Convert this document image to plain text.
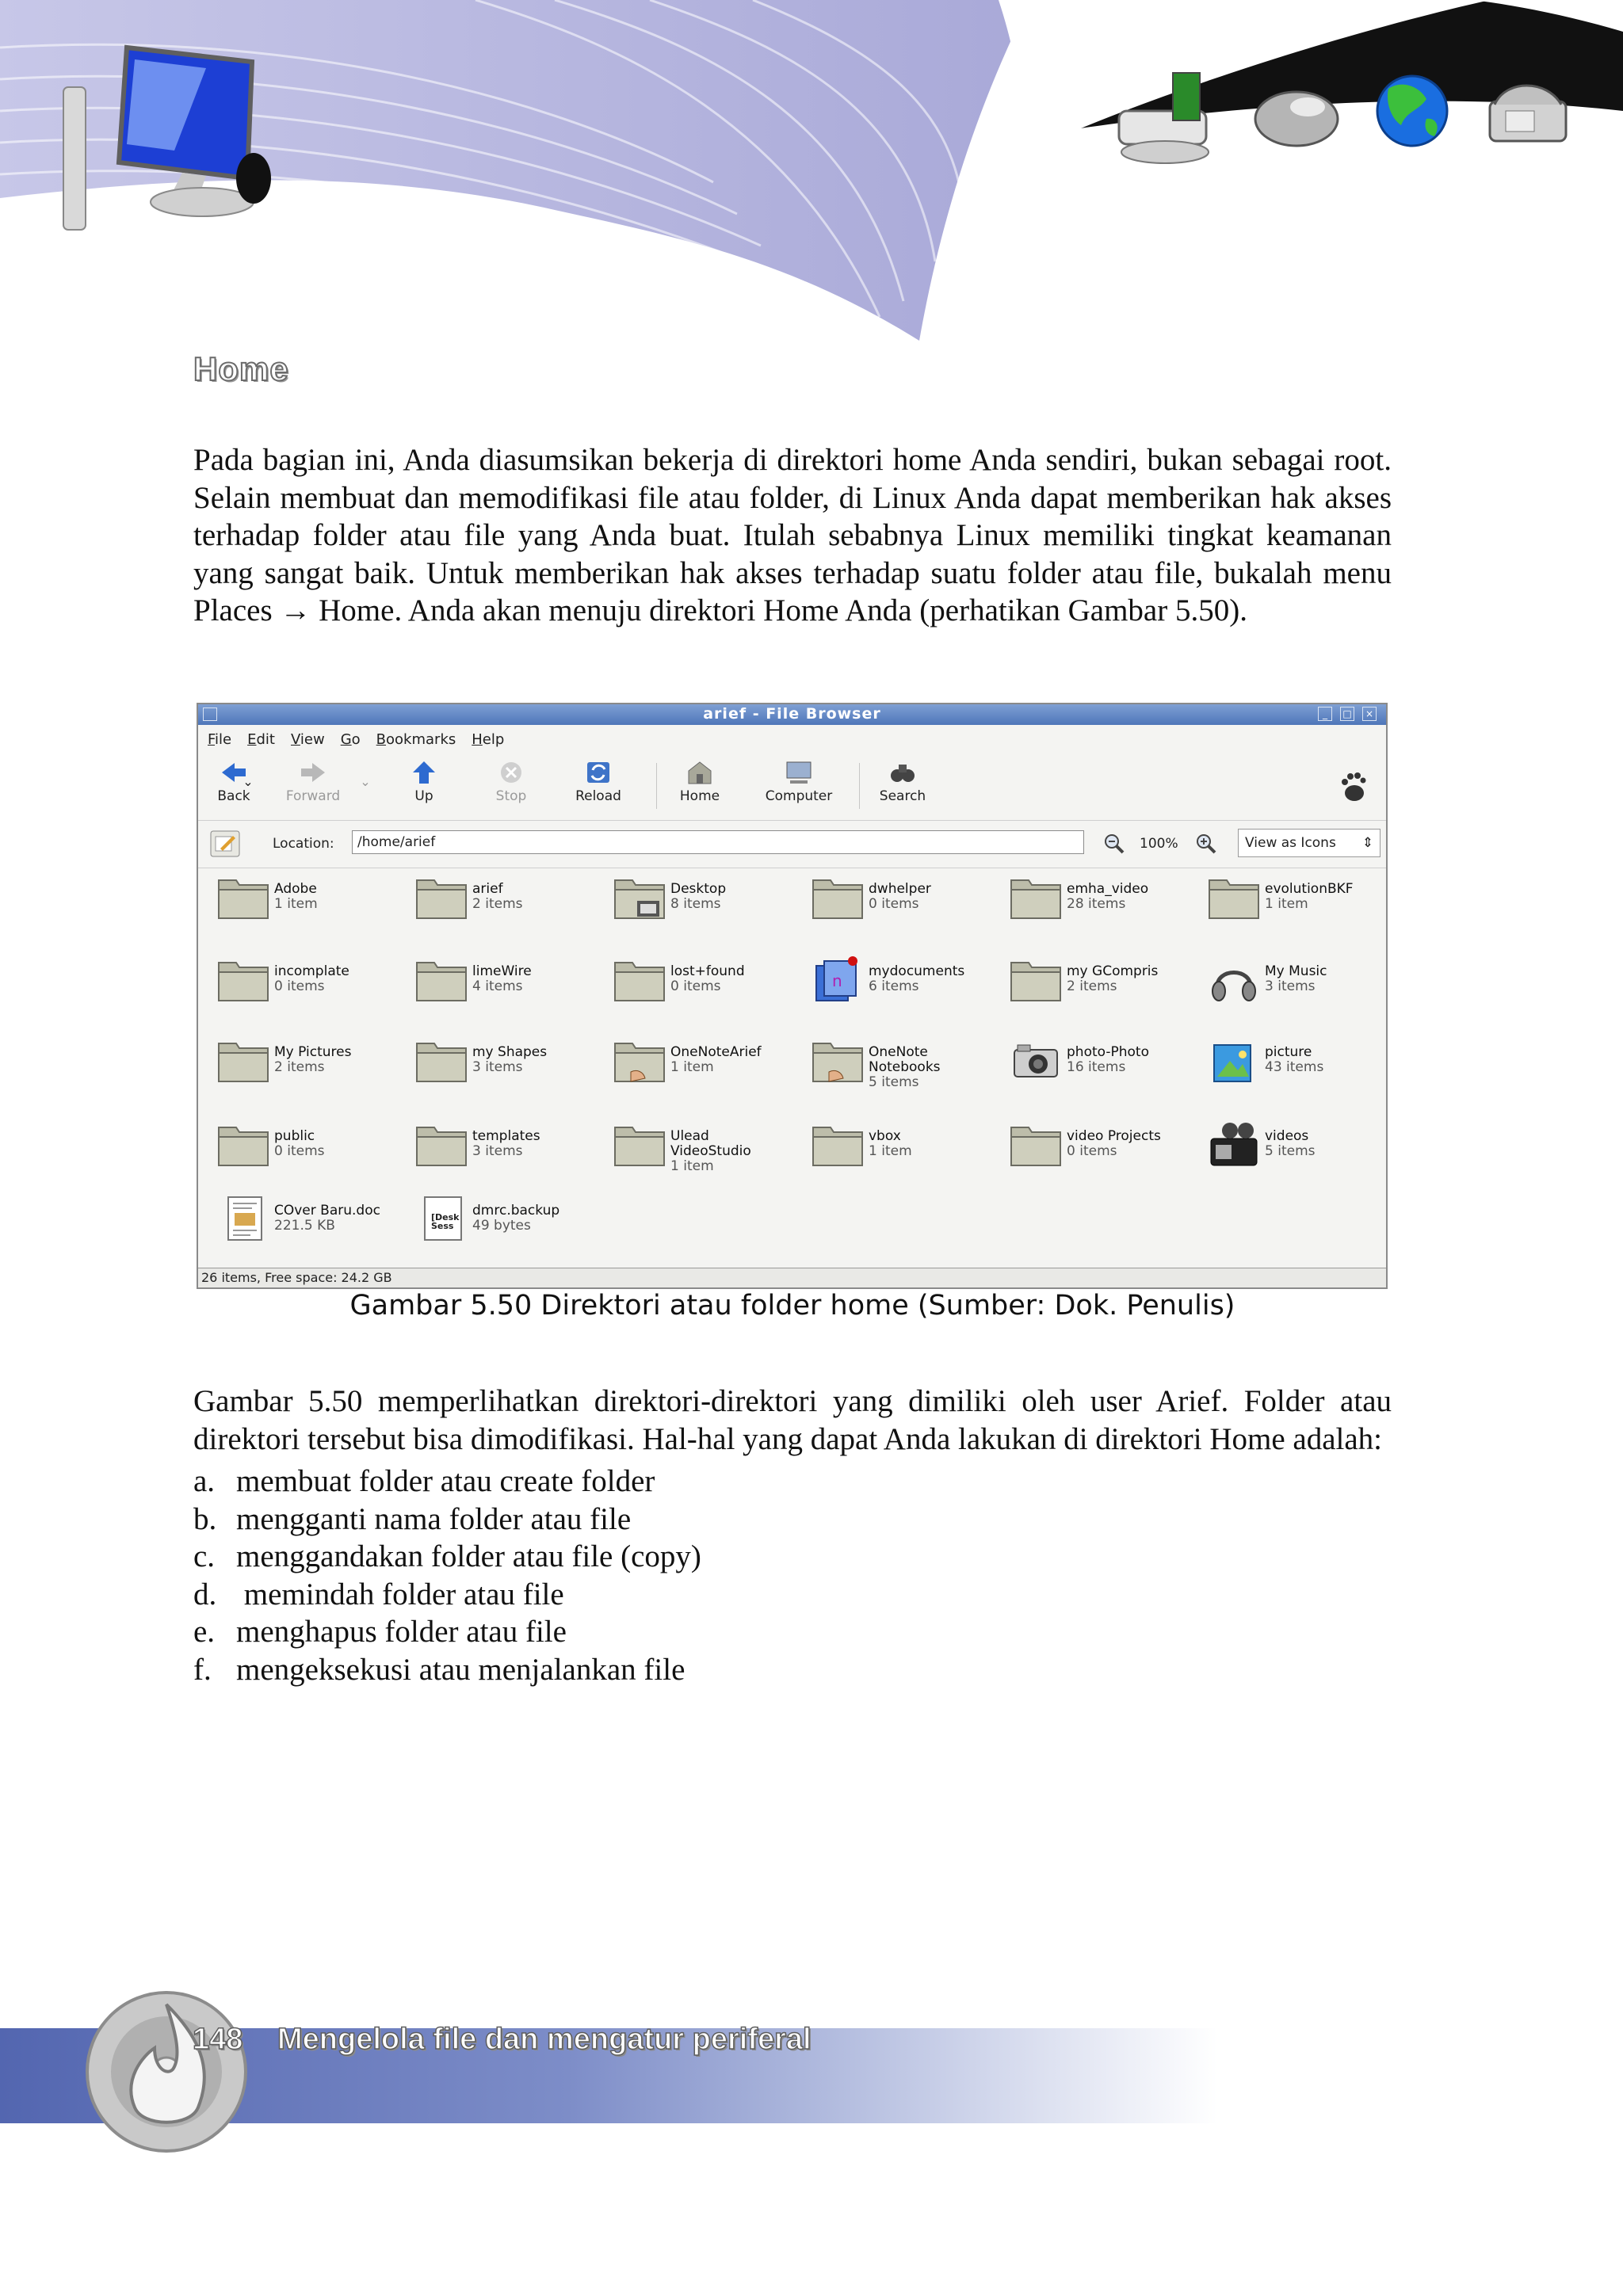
Home

Pada bagian ini, Anda diasumsikan bekerja di direktori home Anda sendiri, bukan sebagai root. Selain membuat dan memodifikasi file atau folder, di Linux Anda dapat memberikan hak akses terhadap folder atau file yang Anda buat. Itulah sebabnya Linux memiliki tingkat keamanan yang sangat baik. Untuk memberikan hak akses terhadap suatu folder atau file, bukalah menu Places → Home. Anda akan menuju direktori Home Anda (perhatikan Gambar 5.50).

arief - File Browser	_	□	×
File Edit View Go Bookmarks Help
Back
⌄
Forward
⌄
Up	Stop	Reload	Home	Computer	Search
Location:	/home/arief	100%	View as Icons ⇕
Adobe
1 item
arief
2 items
Desktop
8 items
dwhelper
0 items
emha_video
28 items
evolutionBKF
1 item
incomplate
0 items
limeWire
4 items
lost+found
0 items	n mydocuments
6 items
my GCompris
2 items
My Music
3 items
My Pictures
2 items
my Shapes
3 items
OneNoteArief
1 item
OneNote
Notebooks
5 items
photo-Photo
16 items
picture
43 items
public
0 items
templates
3 items
Ulead
VideoStudio
1 item
vbox
1 item
video Projects
0 items
videos
5 items
COver Baru.doc
221.5 KB
[Desk
Sess
dmrc.backup
49 bytes
26 items, Free space: 24.2 GB
Gambar 5.50 Direktori atau folder home (Sumber: Dok. Penulis)

Gambar 5.50 memperlihatkan direktori-direktori yang dimiliki oleh user Arief. Folder atau direktori tersebut bisa dimodifikasi. Hal-hal yang dapat Anda lakukan di direktori Home adalah:

a. membuat folder atau create folder
b. mengganti nama folder atau file
c. menggandakan folder atau file (copy)
d. memindah folder atau file
e. menghapus folder atau file
f. mengeksekusi atau menjalankan file
148 Mengelola file dan mengatur periferal
